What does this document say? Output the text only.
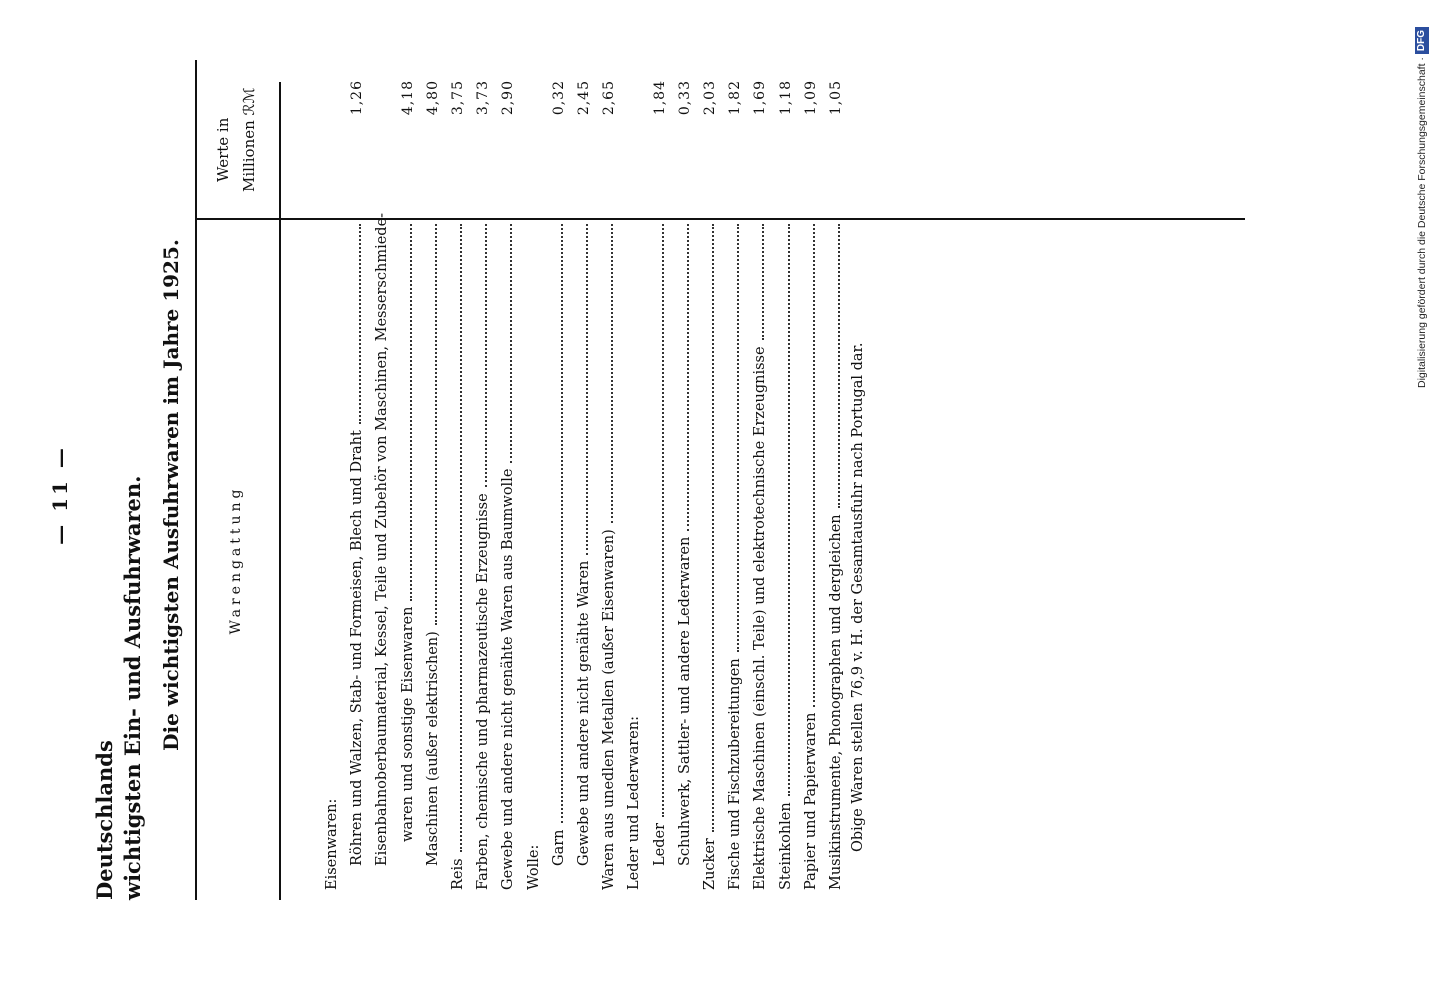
— 11 —
Deutschlands wichtigsten Ein- und Ausfuhrwaren. Die wichtigsten Ausfuhrwaren im Jahre 1925.	Warengattung
Werte in Millionen ℛℳ
Eisenwaren: Röhren und Walzen, Stab- und Formeisen, Blech und Draht
1,26
Eisenbahnoberbaumaterial, Kessel, Teile und Zubehör von Maschinen, Messerschmiede- waren und sonstige Eisenwaren
4,18
Maschinen (außer elektrischen)
4,80
Reis
3,75
Farben, chemische und pharmazeutische Erzeugnisse
3,73
Gewebe und andere nicht genähte Waren aus Baumwolle
2,90
Wolle: Garn
0,32
Gewebe und andere nicht genähte Waren
2,45
Waren aus unedlen Metallen (außer Eisenwaren)
2,65
Leder und Lederwaren: Leder
1,84
Schuhwerk, Sattler- und andere Lederwaren
0,33
Zucker
2,03
Fische und Fischzubereitungen
1,82
Elektrische Maschinen (einschl. Teile) und elektrotechnische Erzeugnisse
1,69
Steinkohlen
1,18
Papier und Papierwaren
1,09
Musikinstrumente, Phonographen und dergleichen
1,05
Obige Waren stellen 76,9 v. H. der Gesamtausfuhr nach Portugal dar.
Digitalisierung gefördert durch die Deutsche Forschungsgemeinschaft ·
DFG
